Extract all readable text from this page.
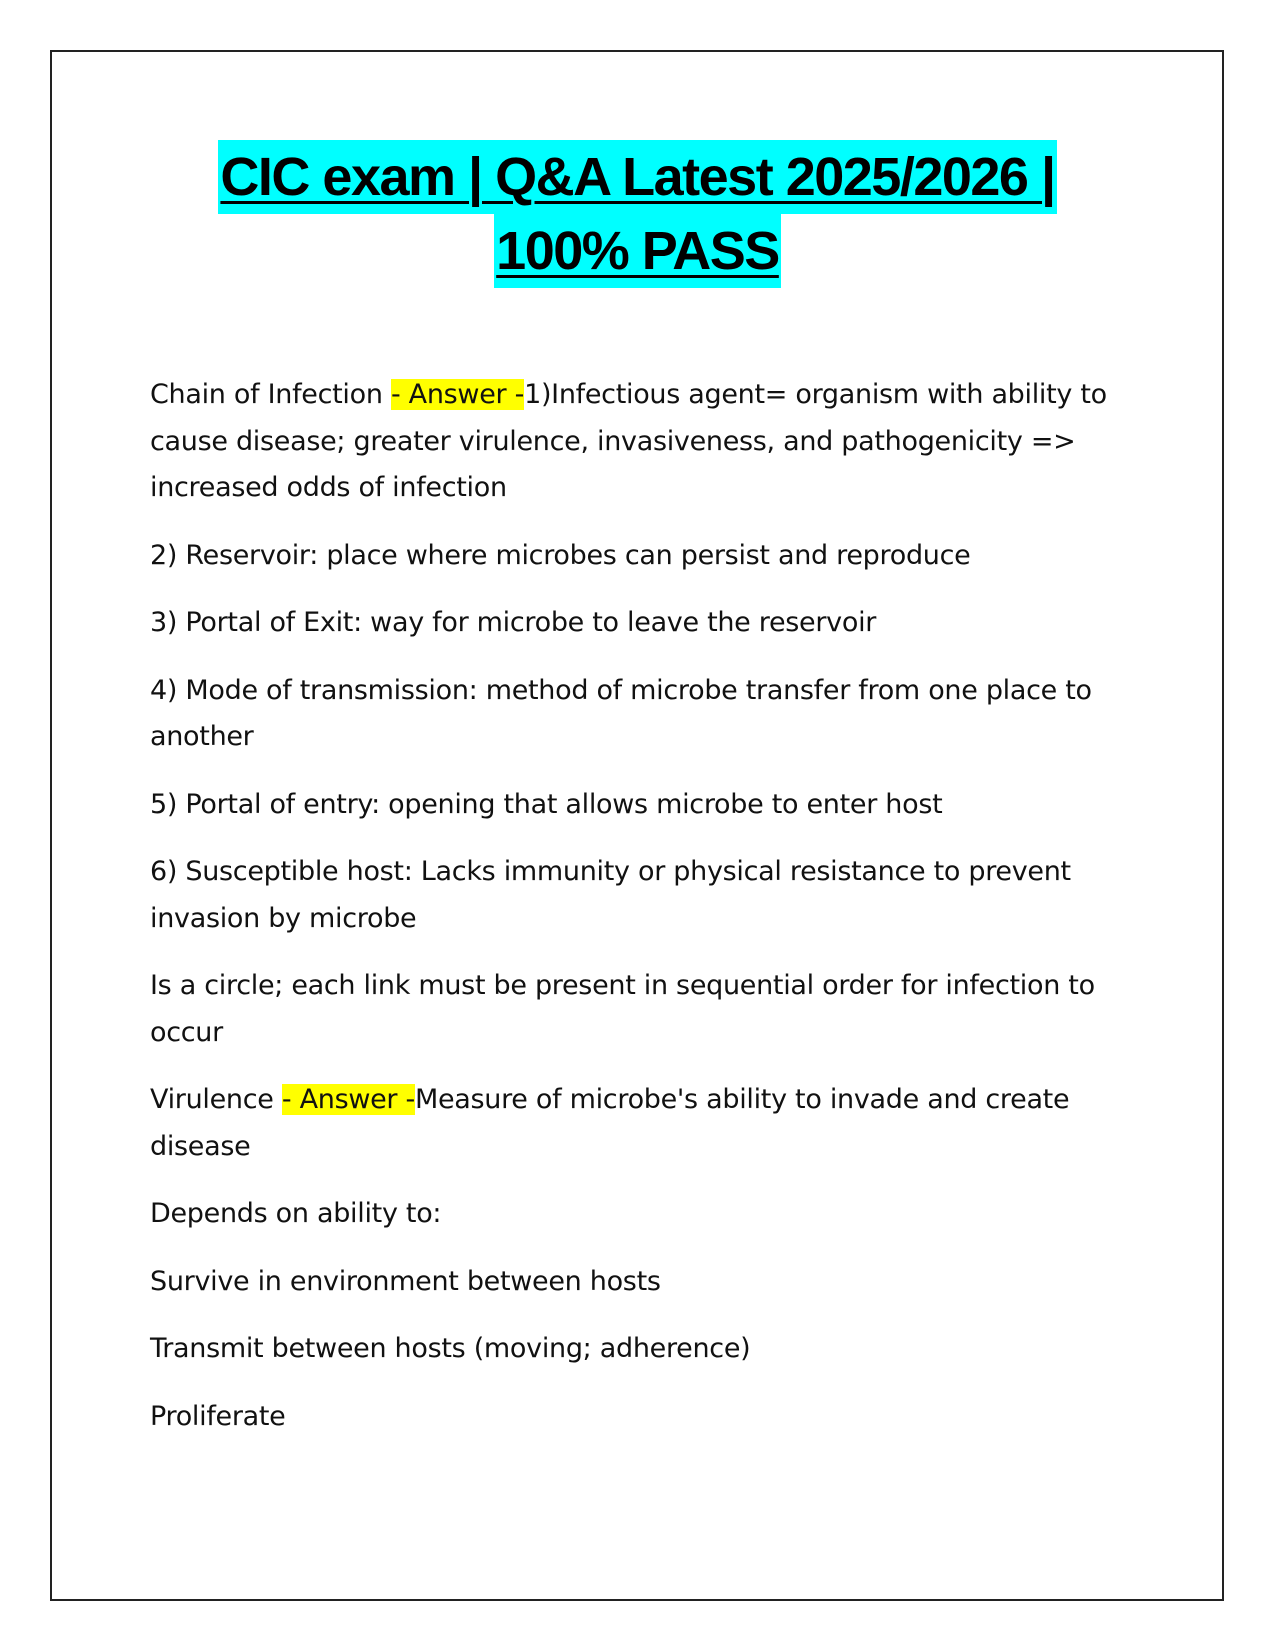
CIC exam | Q&A Latest 2025/2026 |
100% PASS

Chain of Infection - Answer -1)Infectious agent= organism with ability to cause disease; greater virulence, invasiveness, and pathogenicity => increased odds of infection

2) Reservoir: place where microbes can persist and reproduce

3) Portal of Exit: way for microbe to leave the reservoir

4) Mode of transmission: method of microbe transfer from one place to another

5) Portal of entry: opening that allows microbe to enter host

6) Susceptible host: Lacks immunity or physical resistance to prevent invasion by microbe

Is a circle; each link must be present in sequential order for infection to occur

Virulence - Answer -Measure of microbe's ability to invade and create disease

Depends on ability to:

Survive in environment between hosts

Transmit between hosts (moving; adherence)

Proliferate
